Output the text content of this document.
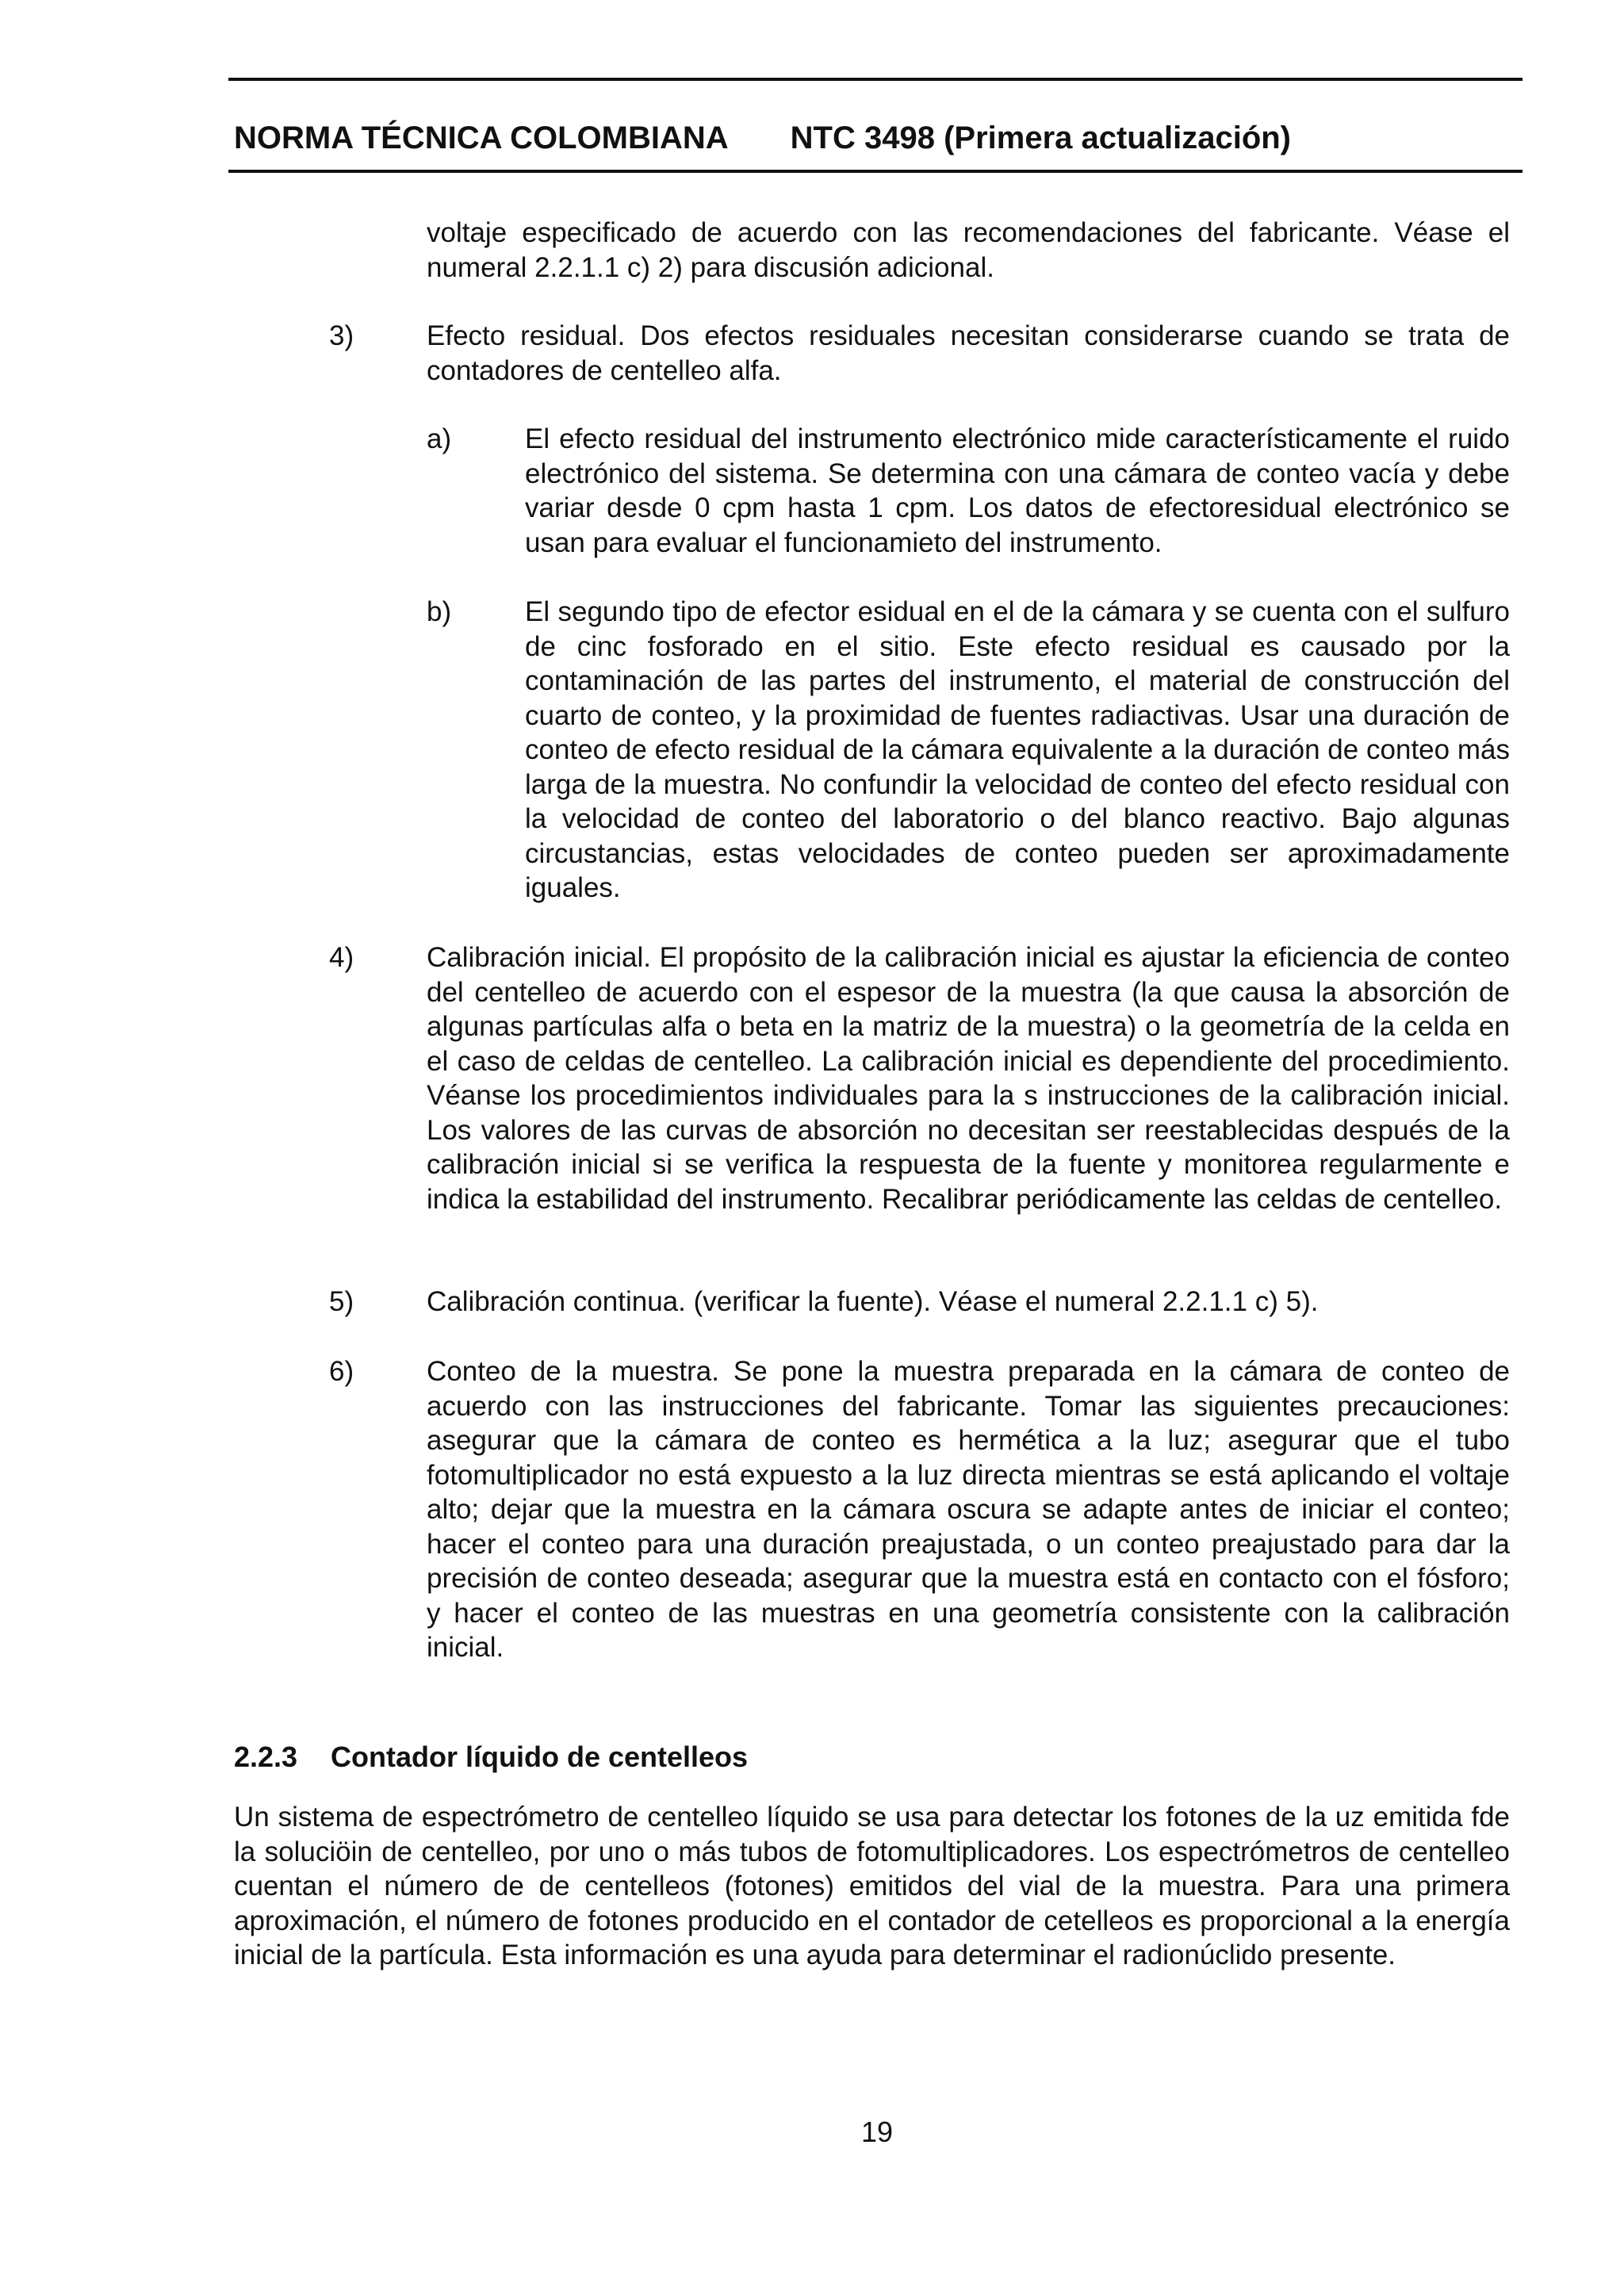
NORMA TÉCNICA COLOMBIANA NTC 3498 (Primera actualización)
voltaje especificado de acuerdo con las recomendaciones del fabricante. Véase el numeral 2.2.1.1 c) 2) para discusión adicional.
3)	Efecto residual. Dos efectos residuales necesitan considerarse cuando se trata de contadores de centelleo alfa.
a)	El efecto residual del instrumento electrónico mide característicamente el ruido electrónico del sistema. Se determina con una cámara de conteo vacía y debe variar desde 0 cpm hasta 1 cpm. Los datos de efectoresidual electrónico se usan para evaluar el funcionamieto del instrumento.
b)	El segundo tipo de efector esidual en el de la cámara y se cuenta con el sulfuro de cinc fosforado en el sitio. Este efecto residual es causado por la contaminación de las partes del instrumento, el material de construcción del cuarto de conteo, y la proximidad de fuentes radiactivas. Usar una duración de conteo de efecto residual de la cámara equivalente a la duración de conteo más larga de la muestra. No confundir la velocidad de conteo del efecto residual con la velocidad de conteo del laboratorio o del blanco reactivo. Bajo algunas circustancias, estas velocidades de conteo pueden ser aproximadamente iguales.
4)	Calibración inicial. El propósito de la calibración inicial es ajustar la eficiencia de conteo del centelleo de acuerdo con el espesor de la muestra (la que causa la absorción de algunas partículas alfa o beta en la matriz de la muestra) o la geometría de la celda en el caso de celdas de centelleo. La calibración inicial es dependiente del procedimiento. Véanse los procedimientos individuales para la s instrucciones de la calibración inicial. Los valores de las curvas de absorción no decesitan ser reestablecidas después de la calibración inicial si se verifica la respuesta de la fuente y monitorea regularmente e indica la estabilidad del instrumento. Recalibrar periódicamente las celdas de centelleo.
5)	Calibración continua. (verificar la fuente). Véase el numeral 2.2.1.1 c) 5).
6)	Conteo de la muestra. Se pone la muestra preparada en la cámara de conteo de acuerdo con las instrucciones del fabricante. Tomar las siguientes precauciones: asegurar que la cámara de conteo es hermética a la luz; asegurar que el tubo fotomultiplicador no está expuesto a la luz directa mientras se está aplicando el voltaje alto; dejar que la muestra en la cámara oscura se adapte antes de iniciar el conteo; hacer el conteo para una duración preajustada, o un conteo preajustado para dar la precisión de conteo deseada; asegurar que la muestra está en contacto con el fósforo; y hacer el conteo de las muestras en una geometría consistente con la calibración inicial.
2.2.3 Contador líquido de centelleos
Un sistema de espectrómetro de centelleo líquido se usa para detectar los fotones de la uz emitida fde la soluciöin de centelleo, por uno o más tubos de fotomultiplicadores. Los espectrómetros de centelleo cuentan el número de de centelleos (fotones) emitidos del vial de la muestra. Para una primera aproximación, el número de fotones producido en el contador de cetelleos es proporcional a la energía inicial de la partícula. Esta información es una ayuda para determinar el radionúclido presente.
19
